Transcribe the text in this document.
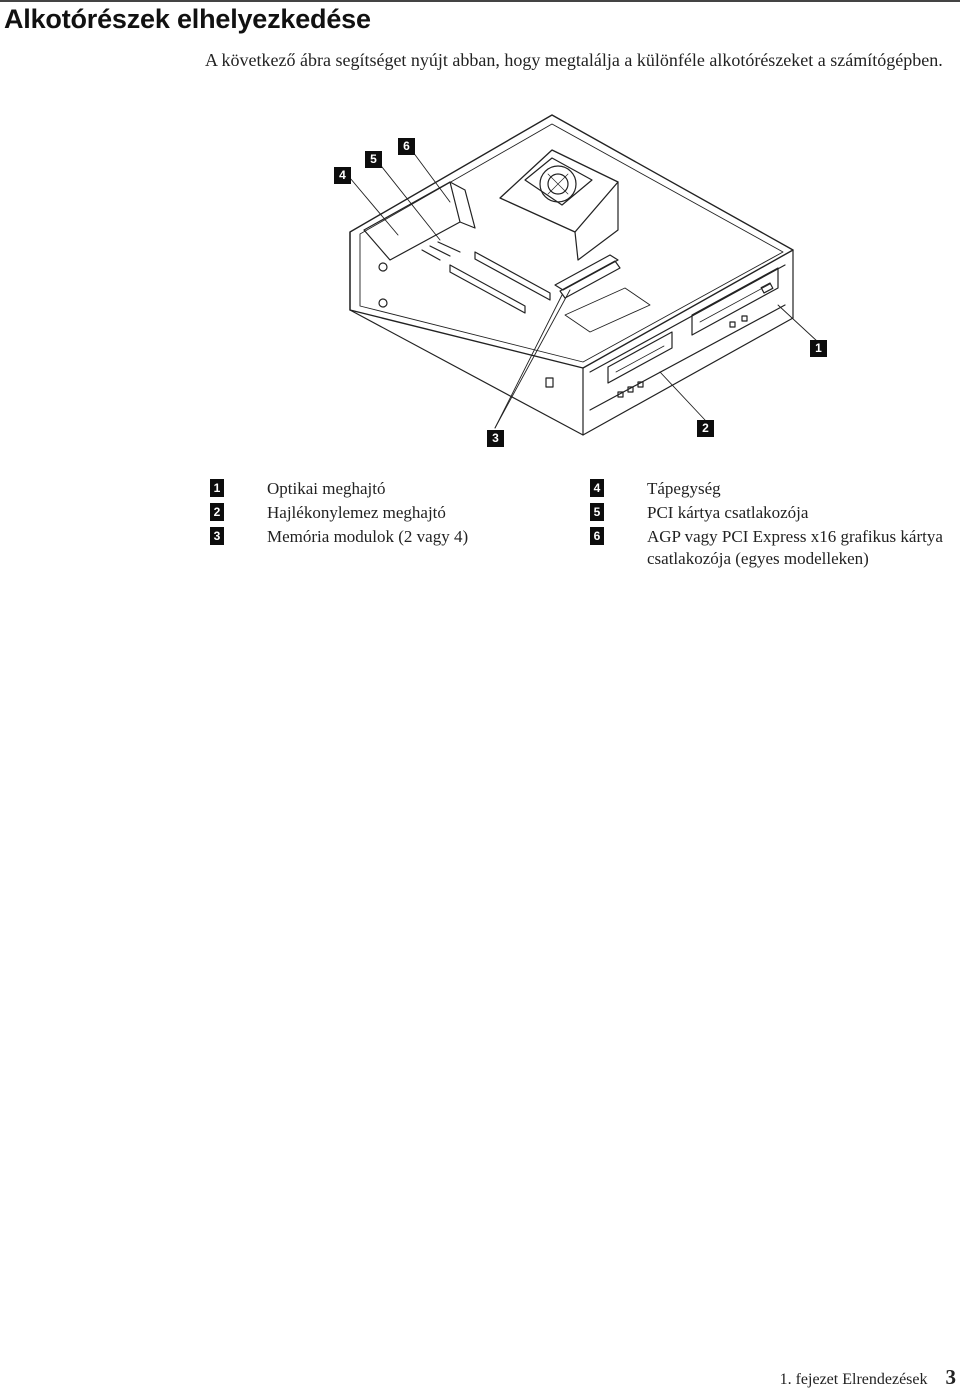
Alkotórészek elhelyezkedése

A következő ábra segítséget nyújt abban, hogy megtalálja a különféle alkotórészeket a számítógépben.

4
5
6
1
2
3
1	Optikai meghajtó
2	Hajlékonylemez meghajtó
3	Memória modulok (2 vagy 4)
4	Tápegység
5	PCI kártya csatlakozója
6	AGP vagy PCI Express x16 grafikus kártya csatlakozója (egyes modelleken)
1. fejezet Elrendezések 3
